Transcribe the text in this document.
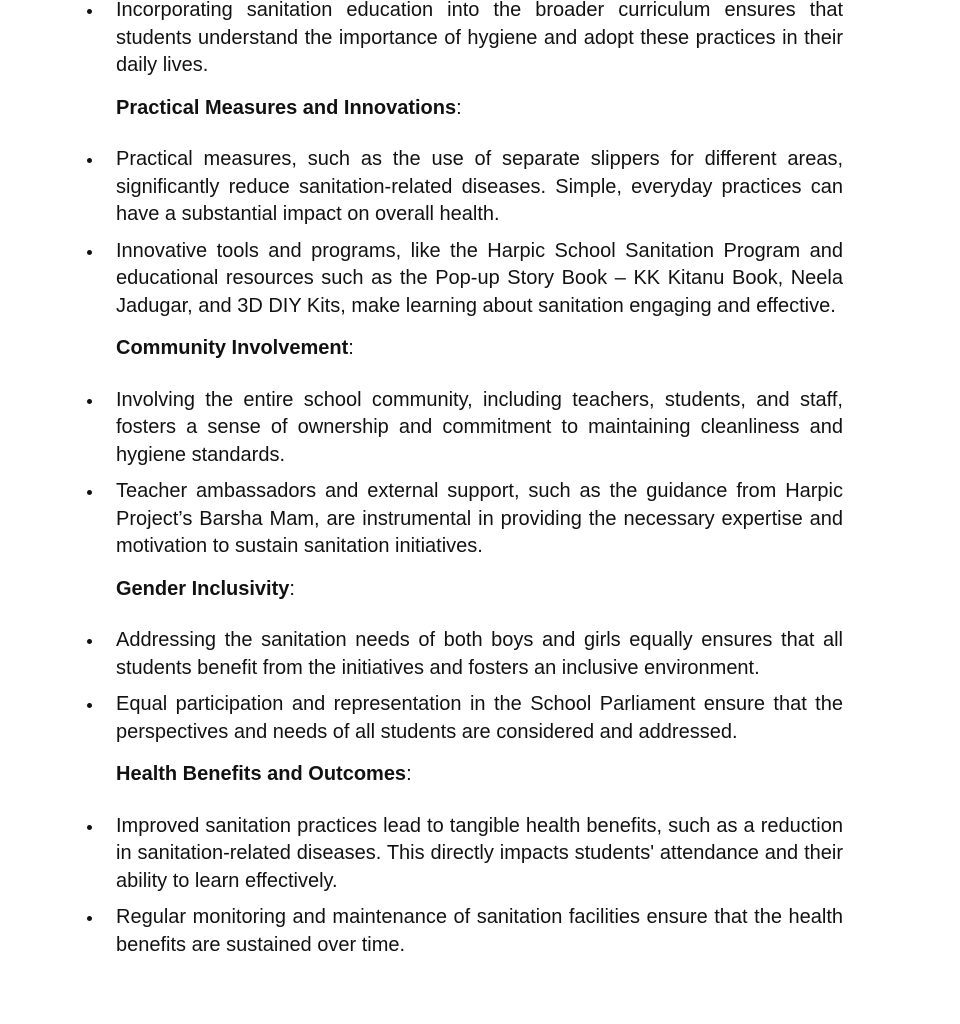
Incorporating sanitation education into the broader curriculum ensures that students understand the importance of hygiene and adopt these practices in their daily lives.
Practical Measures and Innovations:
Practical measures, such as the use of separate slippers for different areas, significantly reduce sanitation-related diseases. Simple, everyday practices can have a substantial impact on overall health.
Innovative tools and programs, like the Harpic School Sanitation Program and educational resources such as the Pop-up Story Book – KK Kitanu Book, Neela Jadugar, and 3D DIY Kits, make learning about sanitation engaging and effective.
Community Involvement:
Involving the entire school community, including teachers, students, and staff, fosters a sense of ownership and commitment to maintaining cleanliness and hygiene standards.
Teacher ambassadors and external support, such as the guidance from Harpic Project’s Barsha Mam, are instrumental in providing the necessary expertise and motivation to sustain sanitation initiatives.
Gender Inclusivity:
Addressing the sanitation needs of both boys and girls equally ensures that all students benefit from the initiatives and fosters an inclusive environment.
Equal participation and representation in the School Parliament ensure that the perspectives and needs of all students are considered and addressed.
Health Benefits and Outcomes:
Improved sanitation practices lead to tangible health benefits, such as a reduction in sanitation-related diseases. This directly impacts students' attendance and their ability to learn effectively.
Regular monitoring and maintenance of sanitation facilities ensure that the health benefits are sustained over time.
